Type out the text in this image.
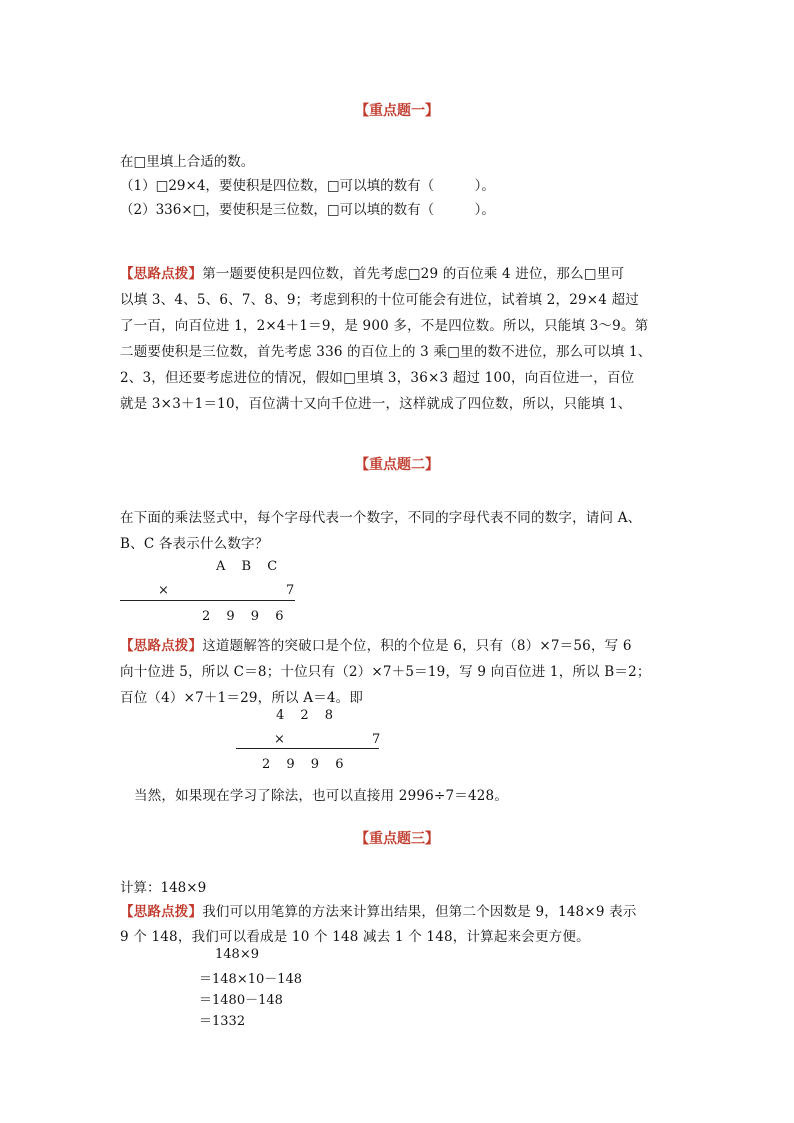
【重点题一】
在□里填上合适的数。
（1）□29×4，要使积是四位数，□可以填的数有（　　　）。
（2）336×□，要使积是三位数，□可以填的数有（　　　）。
【思路点拨】第一题要使积是四位数，首先考虑□29 的百位乘 4 进位，那么□里可
以填 3、4、5、6、7、8、9；考虑到积的十位可能会有进位，试着填 2，29×4 超过
了一百，向百位进 1，2×4＋1＝9，是 900 多，不是四位数。所以，只能填 3～9。第
二题要使积是三位数，首先考虑 336 的百位上的 3 乘□里的数不进位，那么可以填 1、
2、3，但还要考虑进位的情况，假如□里填 3，36×3 超过 100，向百位进一，百位
就是 3×3＋1＝10，百位满十又向千位进一，这样就成了四位数，所以，只能填 1、
【重点题二】
在下面的乘法竖式中，每个字母代表一个数字，不同的字母代表不同的数字，请问 A、
B、C 各表示什么数字？
A B C
×	7
2 9 9 6
【思路点拨】这道题解答的突破口是个位，积的个位是 6，只有（8）×7＝56，写 6
向十位进 5，所以 C＝8；十位只有（2）×7＋5＝19，写 9 向百位进 1，所以 B＝2；
百位（4）×7＋1＝29，所以 A＝4。即
4 2 8
×	7
2 9 9 6
当然，如果现在学习了除法，也可以直接用 2996÷7＝428。
【重点题三】
计算：148×9
【思路点拨】我们可以用笔算的方法来计算出结果，但第二个因数是 9，148×9 表示
9 个 148，我们可以看成是 10 个 148 减去 1 个 148，计算起来会更方便。
148×9
＝148×10－148
＝1480－148
＝1332
